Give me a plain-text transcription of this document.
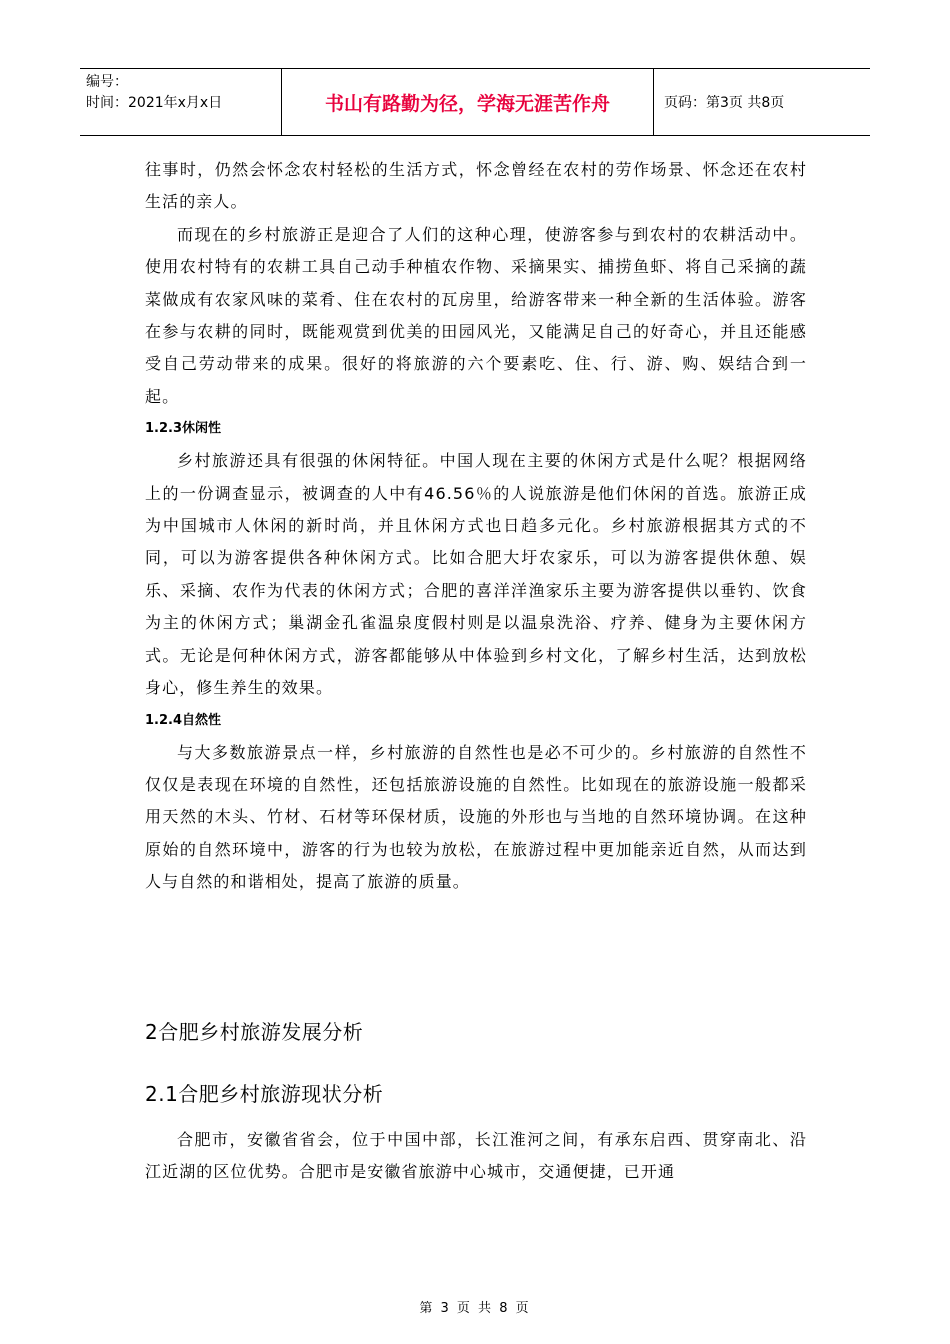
编号：
时间：2021年x月x日	书山有路勤为径，学海无涯苦作舟	页码：第3页 共8页

往事时，仍然会怀念农村轻松的生活方式，怀念曾经在农村的劳作场景、怀念还在农村生活的亲人。

而现在的乡村旅游正是迎合了人们的这种心理，使游客参与到农村的农耕活动中。使用农村特有的农耕工具自己动手种植农作物、采摘果实、捕捞鱼虾、将自己采摘的蔬菜做成有农家风味的菜肴、住在农村的瓦房里，给游客带来一种全新的生活体验。游客在参与农耕的同时，既能观赏到优美的田园风光，又能满足自己的好奇心，并且还能感受自己劳动带来的成果。很好的将旅游的六个要素吃、住、行、游、购、娱结合到一起。

1.2.3休闲性

乡村旅游还具有很强的休闲特征。中国人现在主要的休闲方式是什么呢？根据网络上的一份调查显示，被调查的人中有46.56％的人说旅游是他们休闲的首选。旅游正成为中国城市人休闲的新时尚，并且休闲方式也日趋多元化。乡村旅游根据其方式的不同，可以为游客提供各种休闲方式。比如合肥大圩农家乐，可以为游客提供休憩、娱乐、采摘、农作为代表的休闲方式；合肥的喜洋洋渔家乐主要为游客提供以垂钓、饮食为主的休闲方式；巢湖金孔雀温泉度假村则是以温泉洗浴、疗养、健身为主要休闲方式。无论是何种休闲方式，游客都能够从中体验到乡村文化，了解乡村生活，达到放松身心，修生养生的效果。

1.2.4自然性

与大多数旅游景点一样，乡村旅游的自然性也是必不可少的。乡村旅游的自然性不仅仅是表现在环境的自然性，还包括旅游设施的自然性。比如现在的旅游设施一般都采用天然的木头、竹材、石材等环保材质，设施的外形也与当地的自然环境协调。在这种原始的自然环境中，游客的行为也较为放松，在旅游过程中更加能亲近自然，从而达到人与自然的和谐相处，提高了旅游的质量。

2合肥乡村旅游发展分析
2.1合肥乡村旅游现状分析

合肥市，安徽省省会，位于中国中部，长江淮河之间，有承东启西、贯穿南北、沿江近湖的区位优势。合肥市是安徽省旅游中心城市，交通便捷，已开通

第 3 页 共 8 页
